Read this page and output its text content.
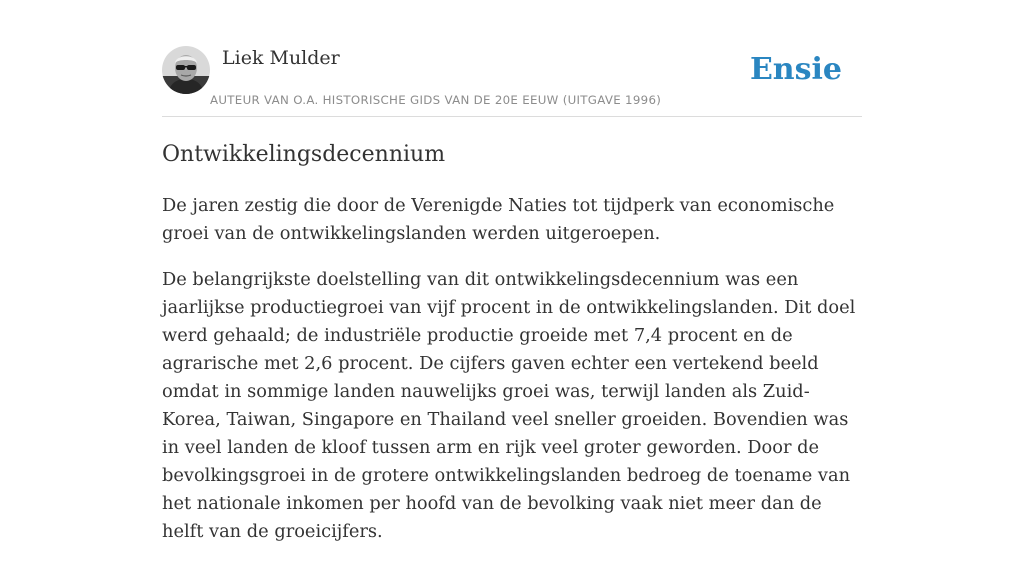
Liek Mulder
AUTEUR VAN O.A. HISTORISCHE GIDS VAN DE 20E EEUW (UITGAVE 1996)
Ensie
Ontwikkelingsdecennium

De jaren zestig die door de Verenigde Naties tot tijdperk van economische groei van de ontwikkelingslanden werden uitgeroepen.

De belangrijkste doelstelling van dit ontwikkelingsdecennium was een jaarlijkse productiegroei van vijf procent in de ontwikkelingslanden. Dit doel werd gehaald; de industriële productie groeide met 7,4 procent en de agrarische met 2,6 procent. De cijfers gaven echter een vertekend beeld omdat in sommige landen nauwelijks groei was, terwijl landen als Zuid-Korea, Taiwan, Singapore en Thailand veel sneller groeiden. Bovendien was in veel landen de kloof tussen arm en rijk veel groter geworden. Door de bevolkingsgroei in de grotere ontwikkelingslanden bedroeg de toename van het nationale inkomen per hoofd van de bevolking vaak niet meer dan de helft van de groeicijfers.
